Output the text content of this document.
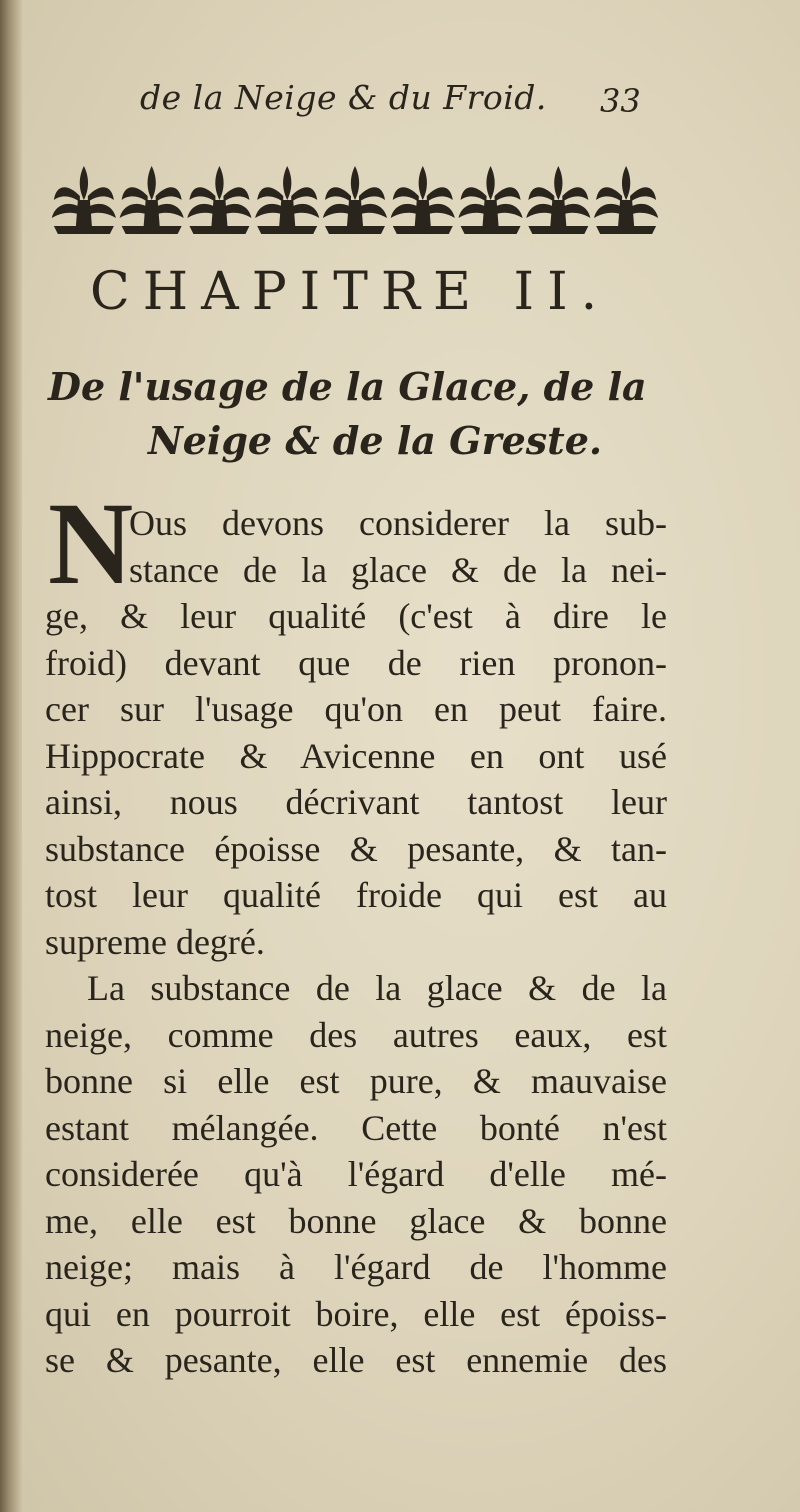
de la Neige & du Froid. 33
CHAPITRE II.
De l'usage de la Glace, de la
Neige & de la Greste.
N
Ous devons considerer la sub-
stance de la glace & de la nei-
ge, & leur qualité (c'est à dire le
froid) devant que de rien pronon-
cer sur l'usage qu'on en peut faire.
Hippocrate & Avicenne en ont usé
ainsi, nous décrivant tantost leur
substance époisse & pesante, & tan-
tost leur qualité froide qui est au
supreme degré.
La substance de la glace & de la
neige, comme des autres eaux, est
bonne si elle est pure, & mauvaise
estant mélangée. Cette bonté n'est
considerée qu'à l'égard d'elle mé-
me, elle est bonne glace & bonne
neige; mais à l'égard de l'homme
qui en pourroit boire, elle est époiss-
se & pesante, elle est ennemie des
